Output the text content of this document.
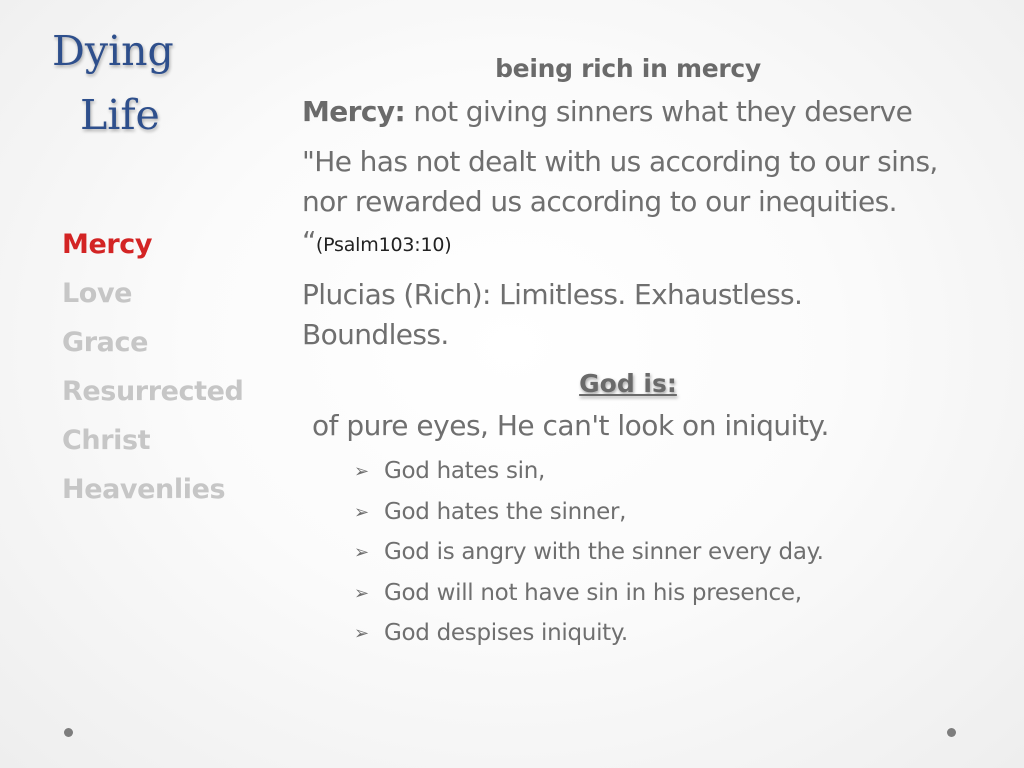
Dying
Life
Mercy
Love
Grace
Resurrected
Christ
Heavenlies
being rich in mercy

Mercy: not giving sinners what they deserve

"He has not dealt with us according to our sins, nor rewarded us according to our inequities. “(Psalm103:10)

Plucias (Rich): Limitless. Exhaustless. Boundless.

God is:
of pure eyes, He can't look on iniquity.
➢ God hates sin,
➢ God hates the sinner,
➢ God is angry with the sinner every day.
➢ God will not have sin in his presence,
➢ God despises iniquity.
